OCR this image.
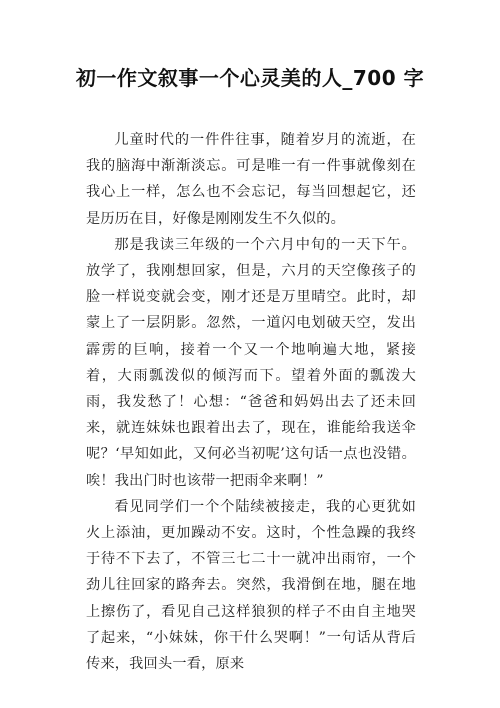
初一作文叙事一个心灵美的人_700 字

儿童时代的一件件往事，随着岁月的流逝，在我的脑海中渐渐淡忘。可是唯一有一件事就像刻在我心上一样，怎么也不会忘记，每当回想起它，还是历历在目，好像是刚刚发生不久似的。

那是我读三年级的一个六月中旬的一天下午。放学了，我刚想回家，但是，六月的天空像孩子的脸一样说变就会变，刚才还是万里晴空。此时，却蒙上了一层阴影。忽然，一道闪电划破天空，发出霹雳的巨响，接着一个又一个地响遍大地，紧接着，大雨瓢泼似的倾泻而下。望着外面的瓢泼大雨，我发愁了！心想：“爸爸和妈妈出去了还未回来，就连妹妹也跟着出去了，现在，谁能给我送伞呢？‘早知如此，又何必当初呢’这句话一点也没错。唉！我出门时也该带一把雨伞来啊！”

看见同学们一个个陆续被接走，我的心更犹如火上添油，更加躁动不安。这时，个性急躁的我终于待不下去了，不管三七二十一就冲出雨帘，一个劲儿往回家的路奔去。突然，我滑倒在地，腿在地上擦伤了，看见自己这样狼狈的样子不由自主地哭了起来，“小妹妹，你干什么哭啊！”一句话从背后传来，我回头一看，原来
